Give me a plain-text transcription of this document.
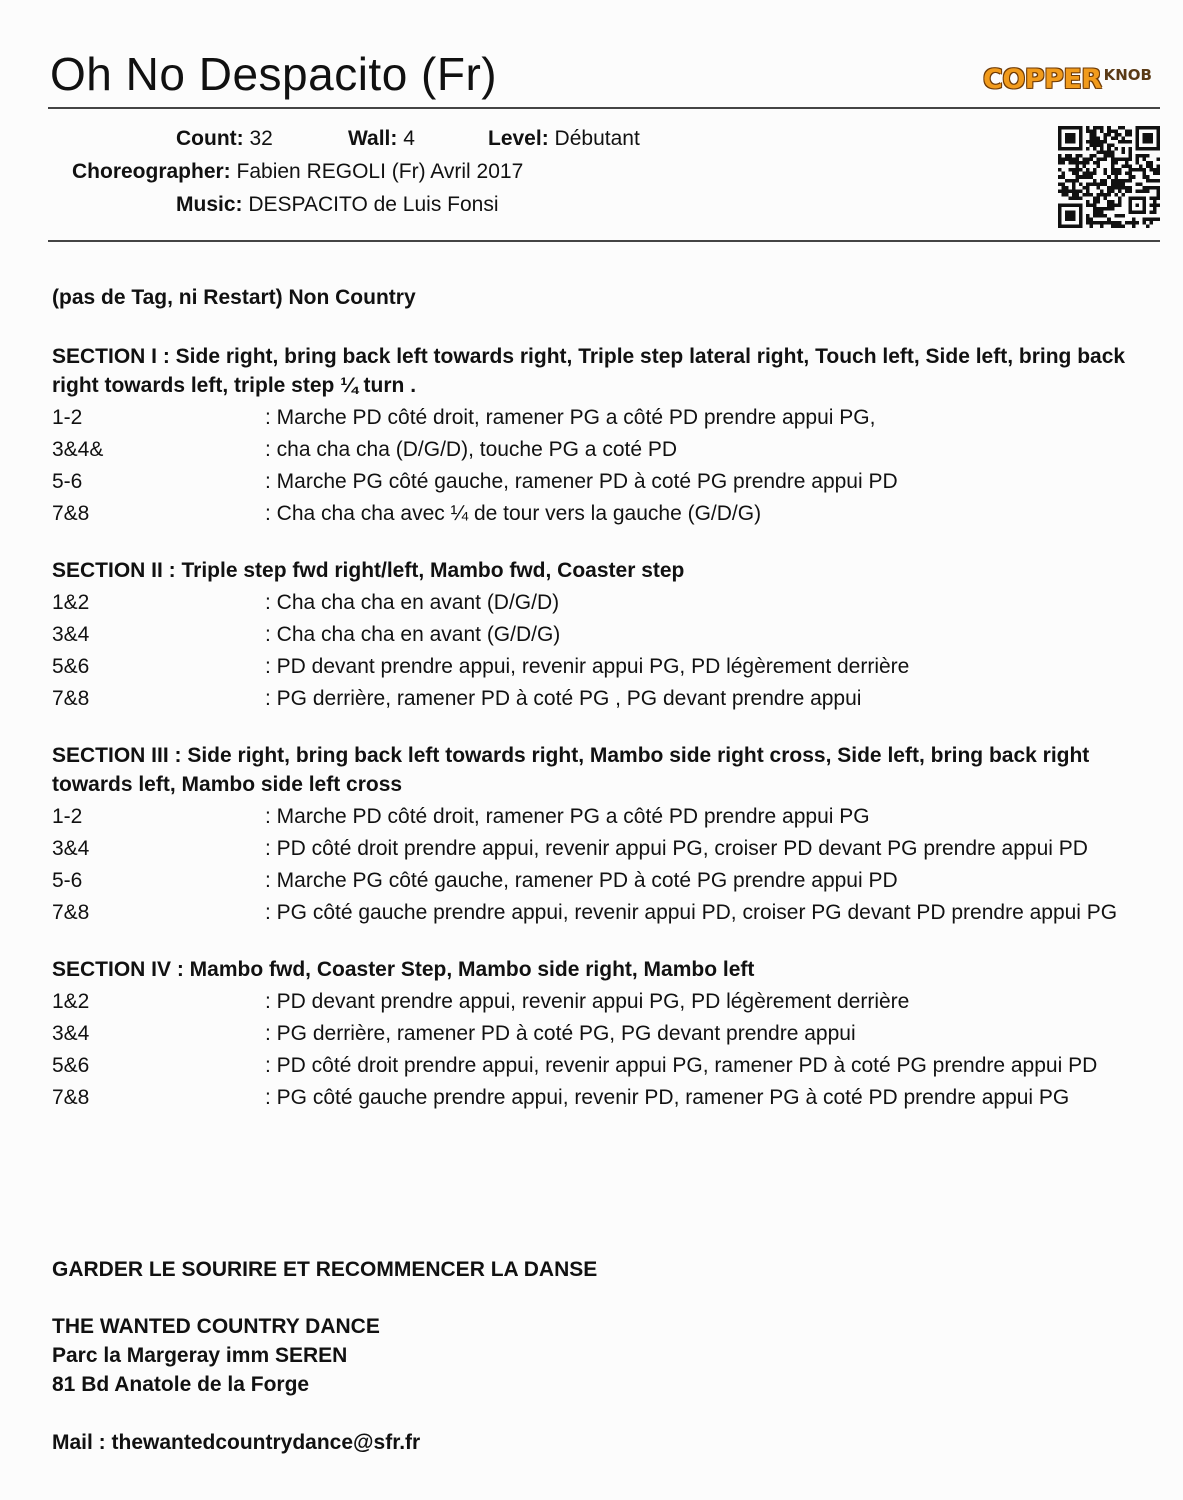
Oh No Despacito (Fr)	COPPER KNOB
Count: 32	Wall: 4	Level: Débutant
Choreographer: Fabien REGOLI (Fr) Avril 2017
Music: DESPACITO de Luis Fonsi
(pas de Tag, ni Restart) Non Country
SECTION I : Side right, bring back left towards right, Triple step lateral right, Touch left, Side left, bring back right towards left, triple step ¼ turn .
1-2	: Marche PD côté droit, ramener PG a côté PD prendre appui PG,
3&4&	: cha cha cha (D/G/D), touche PG a coté PD
5-6	: Marche PG côté gauche, ramener PD à coté PG prendre appui PD
7&8	: Cha cha cha avec ¼ de tour vers la gauche (G/D/G)
SECTION II : Triple step fwd right/left, Mambo fwd, Coaster step
1&2	: Cha cha cha en avant (D/G/D)
3&4	: Cha cha cha en avant (G/D/G)
5&6	: PD devant prendre appui, revenir appui PG, PD légèrement derrière
7&8	: PG derrière, ramener PD à coté PG , PG devant prendre appui
SECTION III : Side right, bring back left towards right, Mambo side right cross, Side left, bring back right towards left, Mambo side left cross
1-2	: Marche PD côté droit, ramener PG a côté PD prendre appui PG
3&4	: PD côté droit prendre appui, revenir appui PG, croiser PD devant PG prendre appui PD
5-6	: Marche PG côté gauche, ramener PD à coté PG prendre appui PD
7&8	: PG côté gauche prendre appui, revenir appui PD, croiser PG devant PD prendre appui PG
SECTION IV : Mambo fwd, Coaster Step, Mambo side right, Mambo left
1&2	: PD devant prendre appui, revenir appui PG, PD légèrement derrière
3&4	: PG derrière, ramener PD à coté PG, PG devant prendre appui
5&6	: PD côté droit prendre appui, revenir appui PG, ramener PD à coté PG prendre appui PD
7&8	: PG côté gauche prendre appui, revenir PD, ramener PG à coté PD prendre appui PG
GARDER LE SOURIRE ET RECOMMENCER LA DANSE
THE WANTED COUNTRY DANCE
Parc la Margeray imm SEREN
81 Bd Anatole de la Forge
Mail : thewantedcountrydance@sfr.fr
